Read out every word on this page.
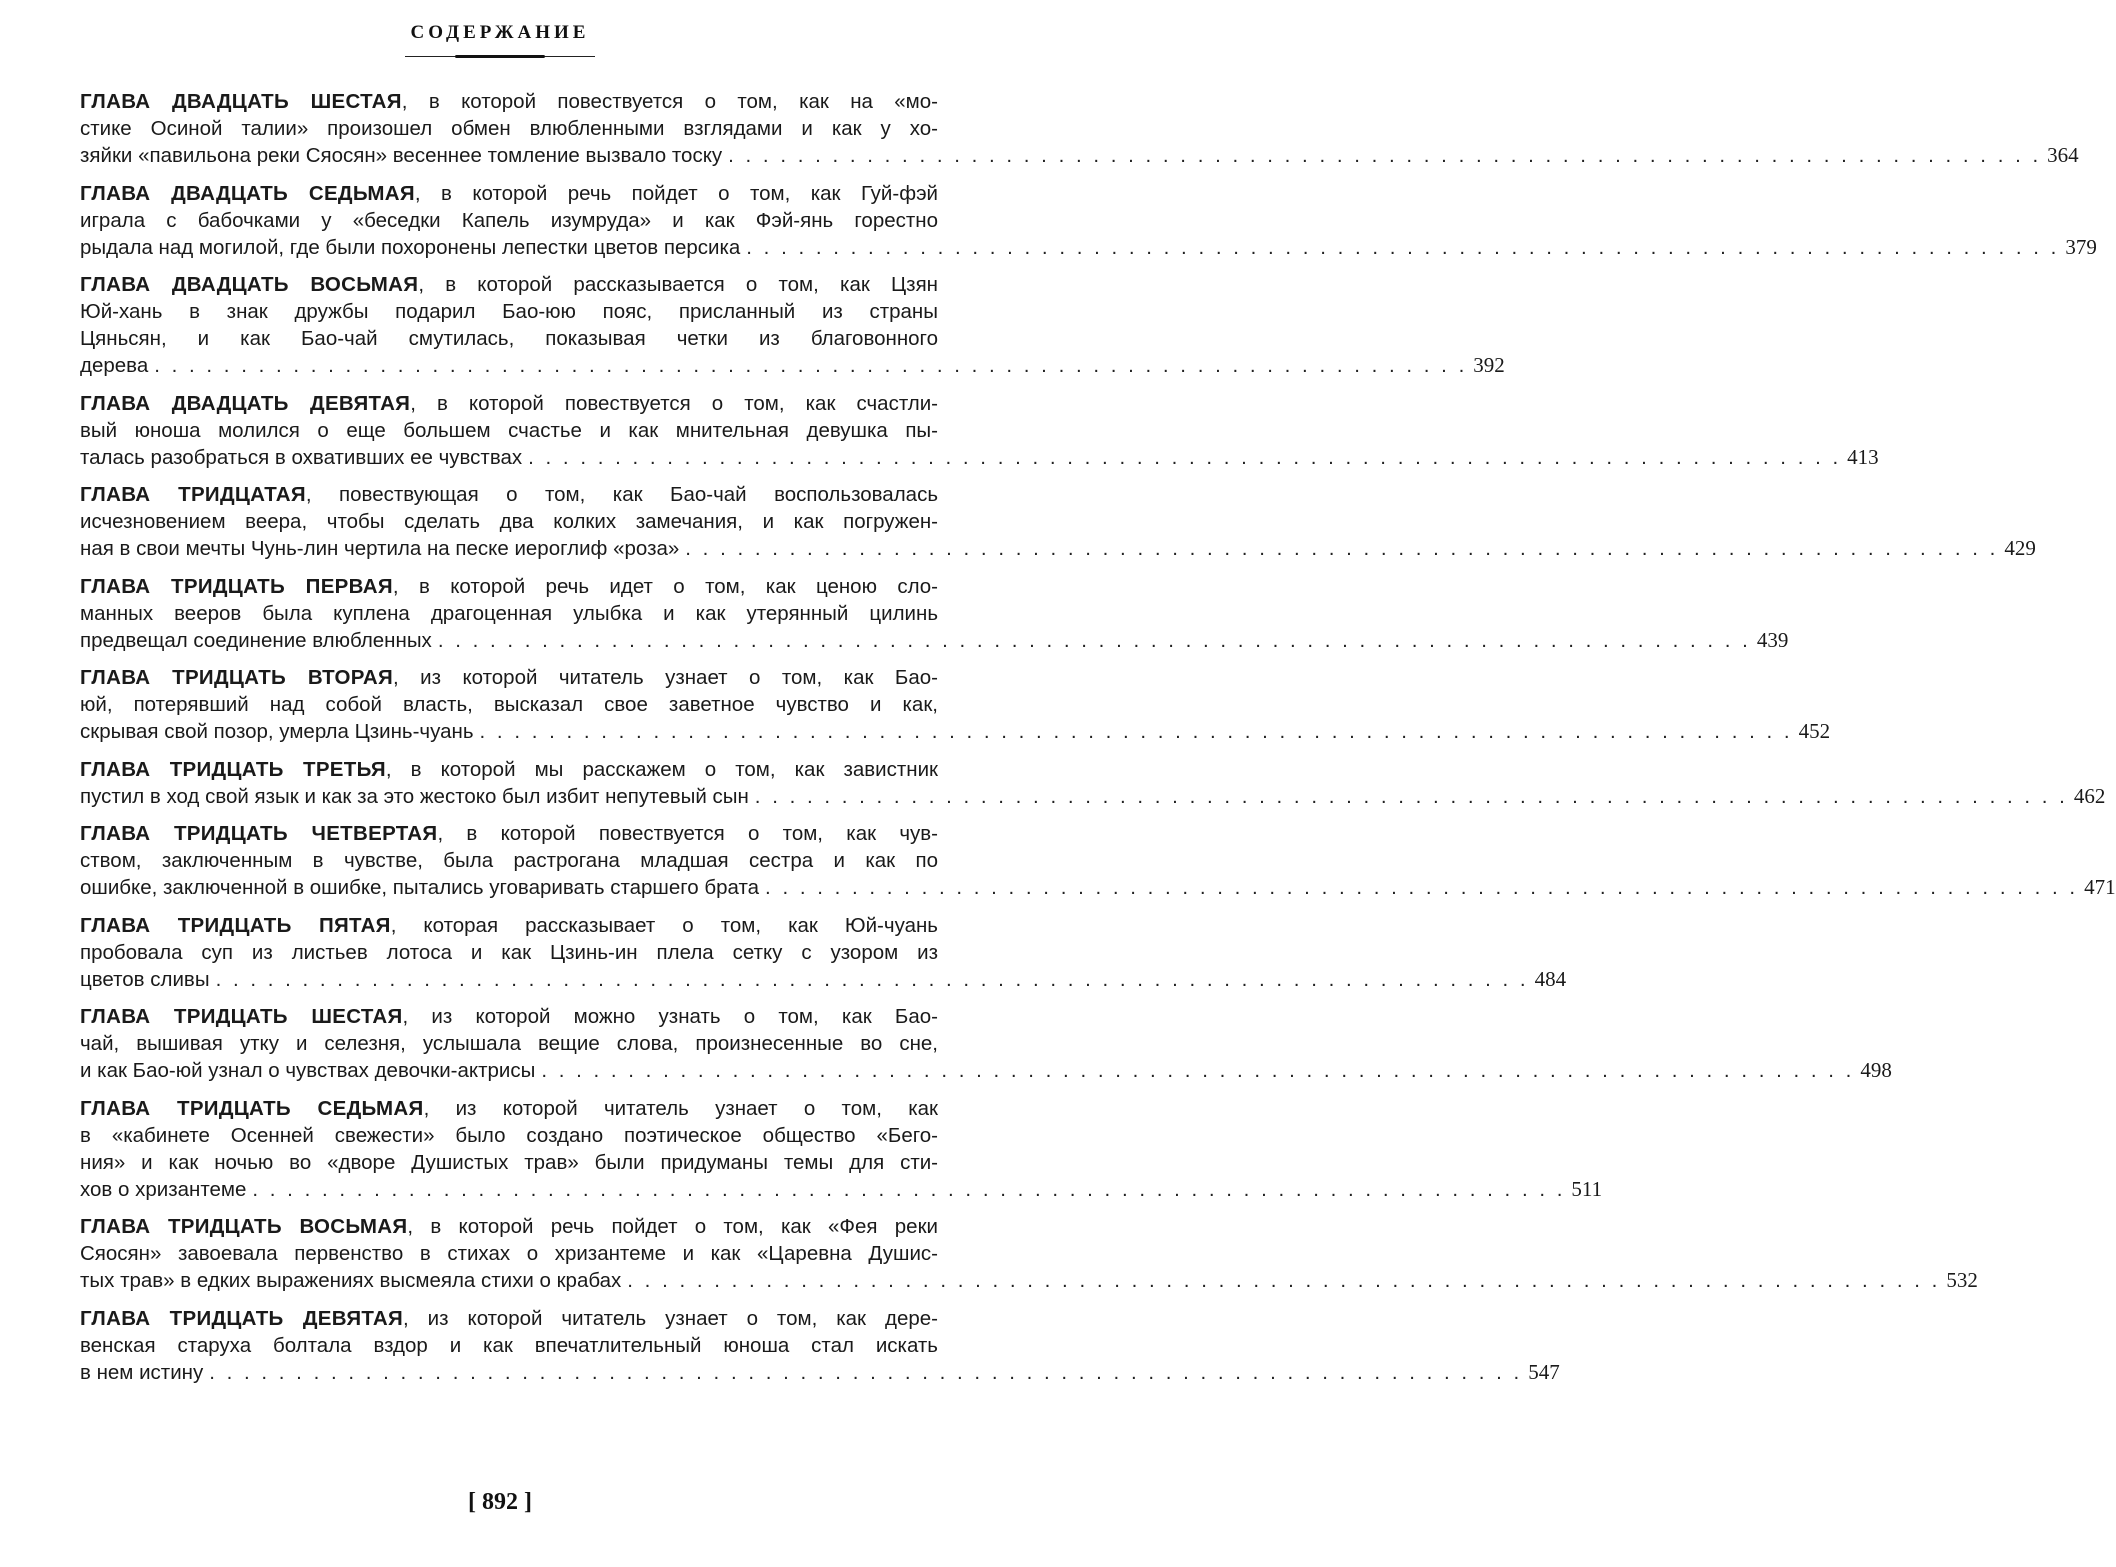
СОДЕРЖАНИЕ
ГЛАВА ДВАДЦАТЬ ШЕСТАЯ, в которой повествуется о том, как на «мо-
стике Осиной талии» произошел обмен влюбленными взглядами и как у хо-
зяйки «павильона реки Сяосян» весеннее томление вызвало тоску . . . . . . . . . . . . . . . . . . . . . . . . . . . . . . . . . . . . . . . . . . . . . . . . . . . . . . . . . . . . . . . . . . . . . . . . . . . . 364
ГЛАВА ДВАДЦАТЬ СЕДЬМАЯ, в которой речь пойдет о том, как Гуй-фэй
играла с бабочками у «беседки Капель изумруда» и как Фэй-янь горестно
рыдала над могилой, где были похоронены лепестки цветов персика . . . . . . . . . . . . . . . . . . . . . . . . . . . . . . . . . . . . . . . . . . . . . . . . . . . . . . . . . . . . . . . . . . . . . . . . . . . . 379
ГЛАВА ДВАДЦАТЬ ВОСЬМАЯ, в которой рассказывается о том, как Цзян
Юй-хань в знак дружбы подарил Бао-юю пояс, присланный из страны
Цяньсян, и как Бао-чай смутилась, показывая четки из благовонного
дерева . . . . . . . . . . . . . . . . . . . . . . . . . . . . . . . . . . . . . . . . . . . . . . . . . . . . . . . . . . . . . . . . . . . . . . . . . . . . 392
ГЛАВА ДВАДЦАТЬ ДЕВЯТАЯ, в которой повествуется о том, как счастли-
вый юноша молился о еще большем счастье и как мнительная девушка пы-
талась разобраться в охвативших ее чувствах . . . . . . . . . . . . . . . . . . . . . . . . . . . . . . . . . . . . . . . . . . . . . . . . . . . . . . . . . . . . . . . . . . . . . . . . . . . . 413
ГЛАВА ТРИДЦАТАЯ, повествующая о том, как Бао-чай воспользовалась
исчезновением веера, чтобы сделать два колких замечания, и как погружен-
ная в свои мечты Чунь-лин чертила на песке иероглиф «роза» . . . . . . . . . . . . . . . . . . . . . . . . . . . . . . . . . . . . . . . . . . . . . . . . . . . . . . . . . . . . . . . . . . . . . . . . . . . . 429
ГЛАВА ТРИДЦАТЬ ПЕРВАЯ, в которой речь идет о том, как ценою сло-
манных вееров была куплена драгоценная улыбка и как утерянный цилинь
предвещал соединение влюбленных . . . . . . . . . . . . . . . . . . . . . . . . . . . . . . . . . . . . . . . . . . . . . . . . . . . . . . . . . . . . . . . . . . . . . . . . . . . . 439
ГЛАВА ТРИДЦАТЬ ВТОРАЯ, из которой читатель узнает о том, как Бао-
юй, потерявший над собой власть, высказал свое заветное чувство и как,
скрывая свой позор, умерла Цзинь-чуань . . . . . . . . . . . . . . . . . . . . . . . . . . . . . . . . . . . . . . . . . . . . . . . . . . . . . . . . . . . . . . . . . . . . . . . . . . . . 452
ГЛАВА ТРИДЦАТЬ ТРЕТЬЯ, в которой мы расскажем о том, как завистник
пустил в ход свой язык и как за это жестоко был избит непутевый сын . . . . . . . . . . . . . . . . . . . . . . . . . . . . . . . . . . . . . . . . . . . . . . . . . . . . . . . . . . . . . . . . . . . . . . . . . . . . 462
ГЛАВА ТРИДЦАТЬ ЧЕТВЕРТАЯ, в которой повествуется о том, как чув-
ством, заключенным в чувстве, была растрогана младшая сестра и как по
ошибке, заключенной в ошибке, пытались уговаривать старшего брата . . . . . . . . . . . . . . . . . . . . . . . . . . . . . . . . . . . . . . . . . . . . . . . . . . . . . . . . . . . . . . . . . . . . . . . . . . . . 471
ГЛАВА ТРИДЦАТЬ ПЯТАЯ, которая рассказывает о том, как Юй-чуань
пробовала суп из листьев лотоса и как Цзинь-ин плела сетку с узором из
цветов сливы . . . . . . . . . . . . . . . . . . . . . . . . . . . . . . . . . . . . . . . . . . . . . . . . . . . . . . . . . . . . . . . . . . . . . . . . . . . . 484
ГЛАВА ТРИДЦАТЬ ШЕСТАЯ, из которой можно узнать о том, как Бао-
чай, вышивая утку и селезня, услышала вещие слова, произнесенные во сне,
и как Бао-юй узнал о чувствах девочки-актрисы . . . . . . . . . . . . . . . . . . . . . . . . . . . . . . . . . . . . . . . . . . . . . . . . . . . . . . . . . . . . . . . . . . . . . . . . . . . . 498
ГЛАВА ТРИДЦАТЬ СЕДЬМАЯ, из которой читатель узнает о том, как
в «кабинете Осенней свежести» было создано поэтическое общество «Бего-
ния» и как ночью во «дворе Душистых трав» были придуманы темы для сти-
хов о хризантеме . . . . . . . . . . . . . . . . . . . . . . . . . . . . . . . . . . . . . . . . . . . . . . . . . . . . . . . . . . . . . . . . . . . . . . . . . . . . 511
ГЛАВА ТРИДЦАТЬ ВОСЬМАЯ, в которой речь пойдет о том, как «Фея реки
Сяосян» завоевала первенство в стихах о хризантеме и как «Царевна Душис-
тых трав» в едких выражениях высмеяла стихи о крабах . . . . . . . . . . . . . . . . . . . . . . . . . . . . . . . . . . . . . . . . . . . . . . . . . . . . . . . . . . . . . . . . . . . . . . . . . . . . 532
ГЛАВА ТРИДЦАТЬ ДЕВЯТАЯ, из которой читатель узнает о том, как дере-
венская старуха болтала вздор и как впечатлительный юноша стал искать
в нем истину . . . . . . . . . . . . . . . . . . . . . . . . . . . . . . . . . . . . . . . . . . . . . . . . . . . . . . . . . . . . . . . . . . . . . . . . . . . . 547
[ 892 ]
